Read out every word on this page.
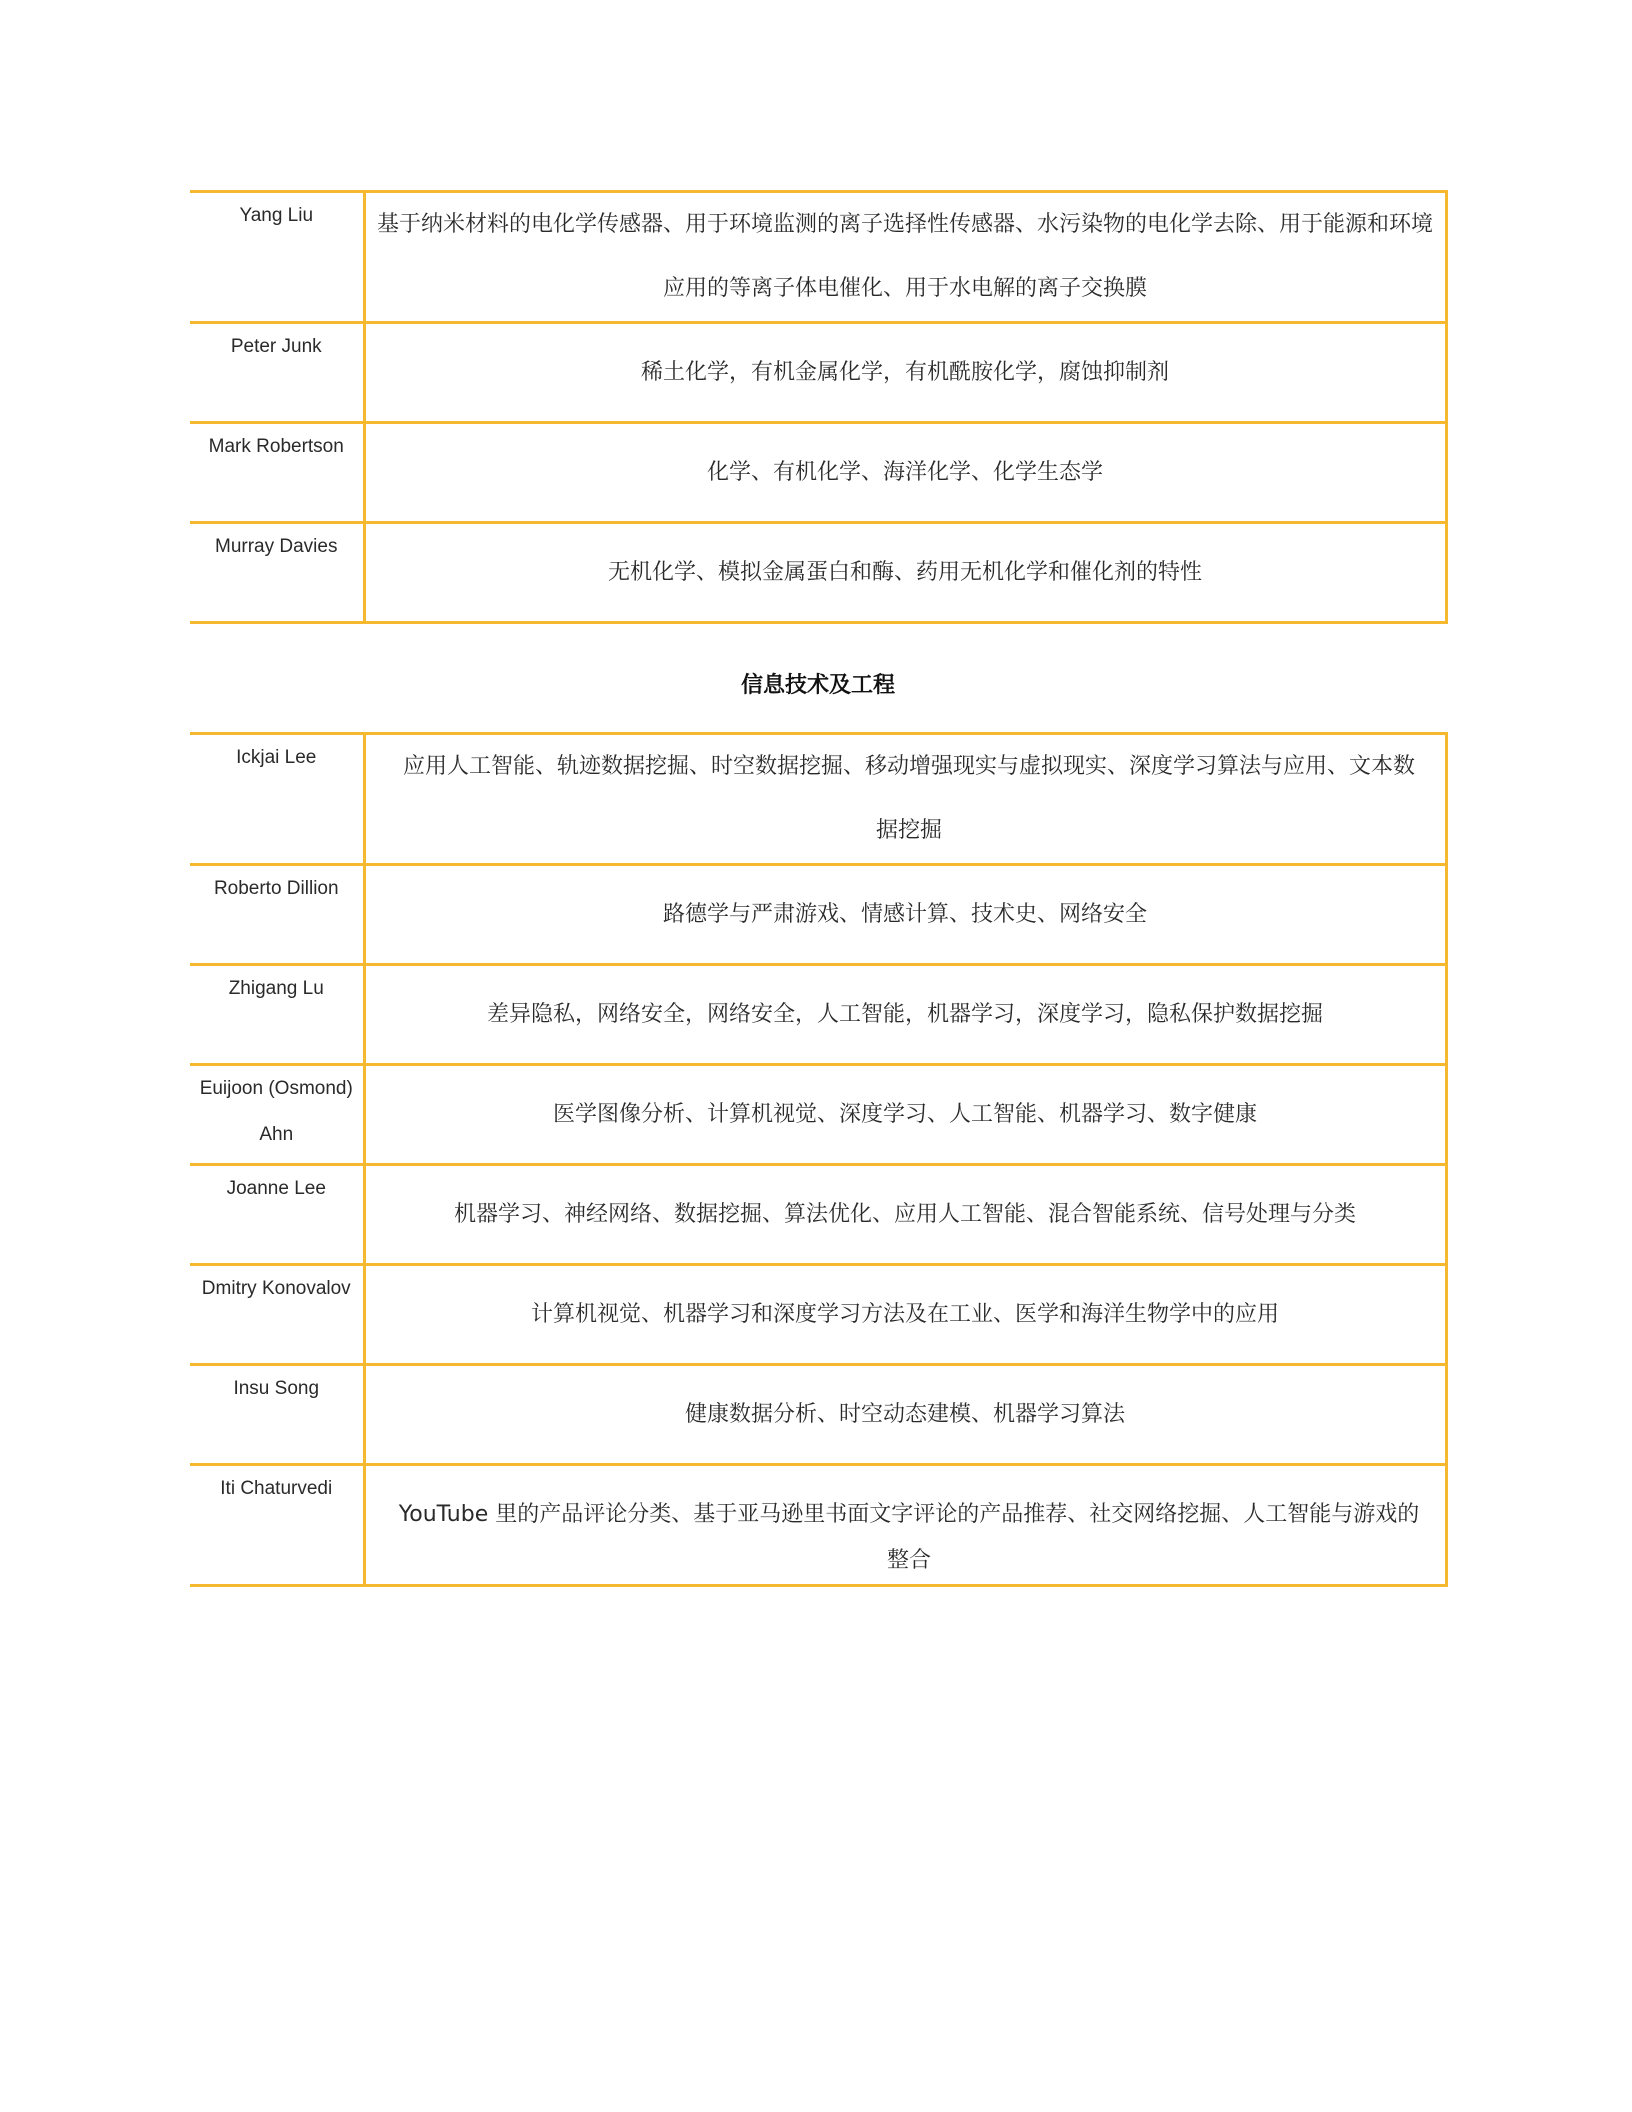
Yang Liu	基于纳米材料的电化学传感器、用于环境监测的离子选择性传感器、水污染物的电化学去除、用于能源和环境应用的等离子体电催化、用于水电解的离子交换膜

Peter Junk	稀土化学，有机金属化学，有机酰胺化学，腐蚀抑制剂

Mark Robertson	化学、有机化学、海洋化学、化学生态学

Murray Davies	无机化学、模拟金属蛋白和酶、药用无机化学和催化剂的特性
信息技术及工程
Ickjai Lee	应用人工智能、轨迹数据挖掘、时空数据挖掘、移动增强现实与虚拟现实、深度学习算法与应用、文本数据挖掘

Roberto Dillion	路德学与严肃游戏、情感计算、技术史、网络安全

Zhigang Lu	差异隐私，网络安全，网络安全，人工智能，机器学习，深度学习，隐私保护数据挖掘

Euijoon (Osmond) Ahn	医学图像分析、计算机视觉、深度学习、人工智能、机器学习、数字健康

Joanne Lee	机器学习、神经网络、数据挖掘、算法优化、应用人工智能、混合智能系统、信号处理与分类

Dmitry Konovalov	计算机视觉、机器学习和深度学习方法及在工业、医学和海洋生物学中的应用

Insu Song	健康数据分析、时空动态建模、机器学习算法

Iti Chaturvedi	YouTube 里的产品评论分类、基于亚马逊里书面文字评论的产品推荐、社交网络挖掘、人工智能与游戏的整合
